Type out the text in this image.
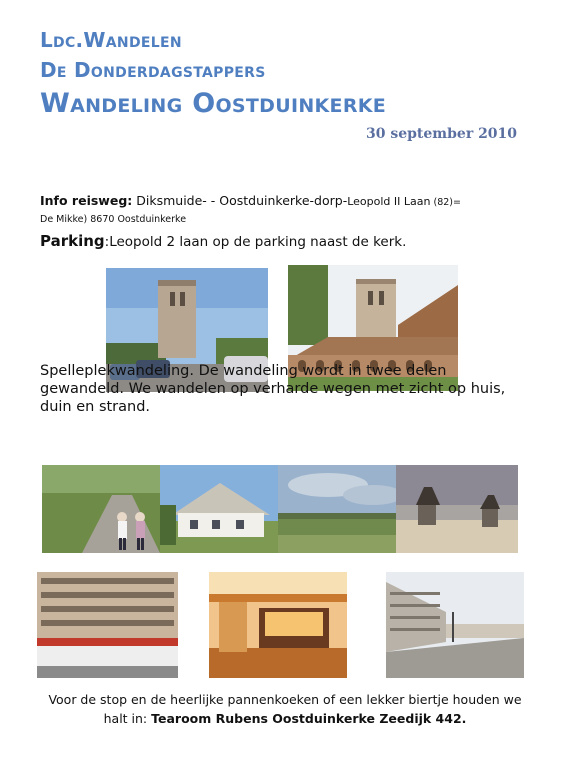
Ldc.Wandelen
De Donderdagstappers
Wandeling Oostduinkerke
30 september 2010
Info reisweg: Diksmuide- - Oostduinkerke-dorp-Leopold II Laan (82)=
De Mikke) 8670 Oostduinkerke
Parking:Leopold 2 laan op de parking naast de kerk.
Spelleplekwandeling. De wandeling wordt in twee delen gewandeld. We wandelen op verharde wegen met zicht op huis, duin en strand.
Voor de stop en de heerlijke pannenkoeken of een lekker biertje houden we
halt in: Tearoom Rubens Oostduinkerke Zeedijk 442.
